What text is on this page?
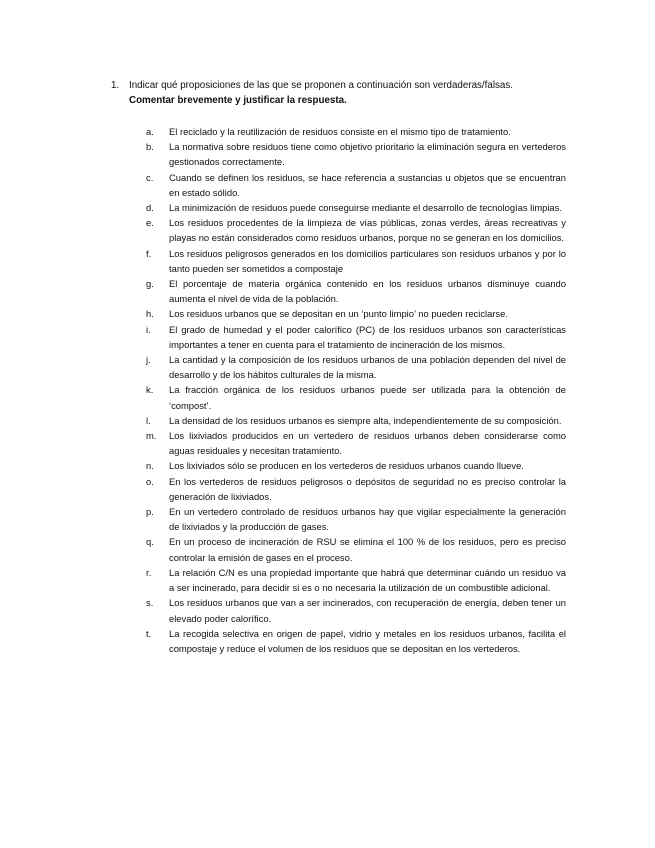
1. Indicar qué proposiciones de las que se proponen a continuación son verdaderas/falsas.
Comentar brevemente y justificar la respuesta.
a.	El reciclado y la reutilización de residuos consiste en el mismo tipo de tratamiento.
b.	La normativa sobre residuos tiene como objetivo prioritario la eliminación segura en vertederos gestionados correctamente.
c.	Cuando se definen los residuos, se hace referencia a sustancias u objetos que se encuentran en estado sólido.
d.	La minimización de residuos puede conseguirse mediante el desarrollo de tecnologías limpias.
e.	Los residuos procedentes de la limpieza de vías públicas, zonas verdes, áreas recreativas y playas no están considerados como residuos urbanos, porque no se generan en los domicilios.
f.	Los residuos peligrosos generados en los domicilios particulares son residuos urbanos y por lo tanto pueden ser sometidos a compostaje
g.	El porcentaje de materia orgánica contenido en los residuos urbanos disminuye cuando aumenta el nivel de vida de la población.
h.	Los residuos urbanos que se depositan en un ‘punto limpio’ no pueden reciclarse.
i.	El grado de humedad y el poder calorífico (PC) de los residuos urbanos son características importantes a tener en cuenta para el tratamiento de incineración de los mismos.
j.	La cantidad y la composición de los residuos urbanos de una población dependen del nivel de desarrollo y de los hábitos culturales de la misma.
k.	La fracción orgánica de los residuos urbanos puede ser utilizada para la obtención de ‘compost’.
l.	La densidad de los residuos urbanos es siempre alta, independientemente de su composición.
m.	Los lixiviados producidos en un vertedero de residuos urbanos deben considerarse como aguas residuales y necesitan tratamiento.
n.	Los lixiviados sólo se producen en los vertederos de residuos urbanos cuando llueve.
o.	En los vertederos de residuos peligrosos o depósitos de seguridad no es preciso controlar la generación de lixiviados.
p.	En un vertedero controlado de residuos urbanos hay que vigilar especialmente la generación de lixiviados y la producción de gases.
q.	En un proceso de incineración de RSU se elimina el 100 % de los residuos, pero es preciso controlar la emisión de gases en el proceso.
r.	La relación C/N es una propiedad importante que habrá que determinar cuándo un residuo va a ser incinerado, para decidir si es o no necesaria la utilización de un combustible adicional.
s.	Los residuos urbanos que van a ser incinerados, con recuperación de energía, deben tener un elevado poder calorífico.
t.	La recogida selectiva en origen de papel, vidrio y metales en los residuos urbanos, facilita el compostaje y reduce el volumen de los residuos que se depositan en los vertederos.
